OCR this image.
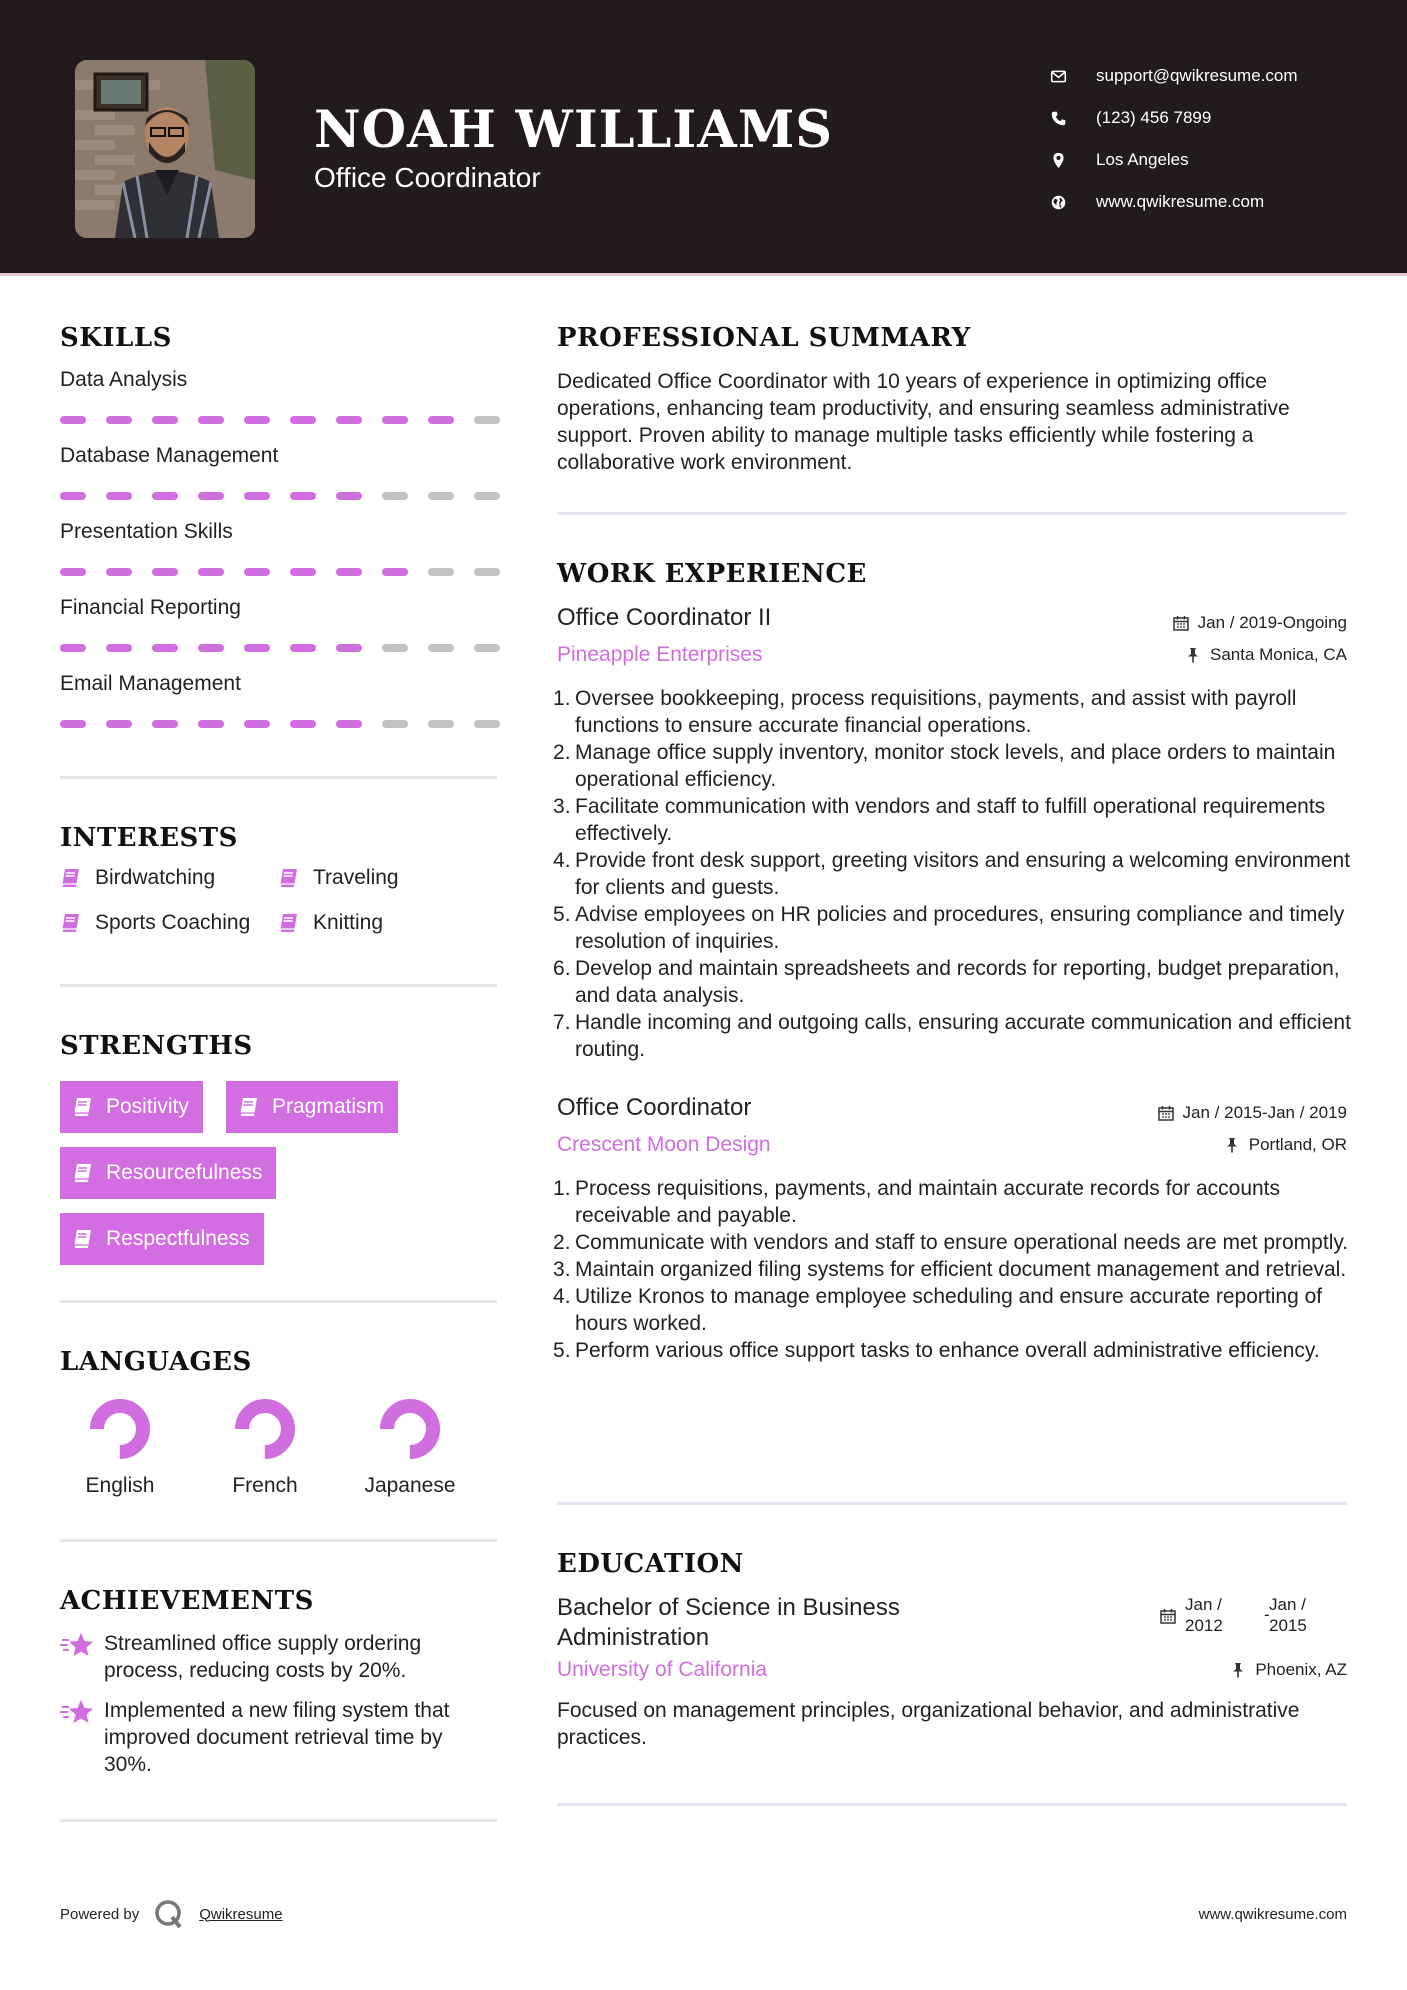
NOAH WILLIAMS
Office Coordinator
support@qwikresume.com
(123) 456 7899
Los Angeles
www.qwikresume.com
SKILLS
Data Analysis
Database Management
Presentation Skills
Financial Reporting
Email Management
INTERESTS
Birdwatching	Traveling
Sports Coaching	Knitting
STRENGTHS
Positivity	Pragmatism
Resourcefulness
Respectfulness
LANGUAGES
English	French	Japanese
ACHIEVEMENTS
Streamlined office supply ordering process, reducing costs by 20%.
Implemented a new filing system that improved document retrieval time by 30%.
PROFESSIONAL SUMMARY
Dedicated Office Coordinator with 10 years of experience in optimizing office operations, enhancing team productivity, and ensuring seamless administrative support. Proven ability to manage multiple tasks efficiently while fostering a collaborative work environment.
WORK EXPERIENCE
Office Coordinator II	Jan / 2019-Ongoing
Pineapple Enterprises	Santa Monica, CA
Oversee bookkeeping, process requisitions, payments, and assist with payroll functions to ensure accurate financial operations.
Manage office supply inventory, monitor stock levels, and place orders to maintain operational efficiency.
Facilitate communication with vendors and staff to fulfill operational requirements effectively.
Provide front desk support, greeting visitors and ensuring a welcoming environment for clients and guests.
Advise employees on HR policies and procedures, ensuring compliance and timely resolution of inquiries.
Develop and maintain spreadsheets and records for reporting, budget preparation, and data analysis.
Handle incoming and outgoing calls, ensuring accurate communication and efficient routing.
Office Coordinator	Jan / 2015-Jan / 2019
Crescent Moon Design	Portland, OR
Process requisitions, payments, and maintain accurate records for accounts receivable and payable.
Communicate with vendors and staff to ensure operational needs are met promptly.
Maintain organized filing systems for efficient document management and retrieval.
Utilize Kronos to manage employee scheduling and ensure accurate reporting of hours worked.
Perform various office support tasks to enhance overall administrative efficiency.
EDUCATION
Bachelor of Science in Business
Administration
Jan /
2012
-
Jan /
2015
University of California	Phoenix, AZ
Focused on management principles, organizational behavior, and administrative practices.
Powered by	Qwikresume	www.qwikresume.com
